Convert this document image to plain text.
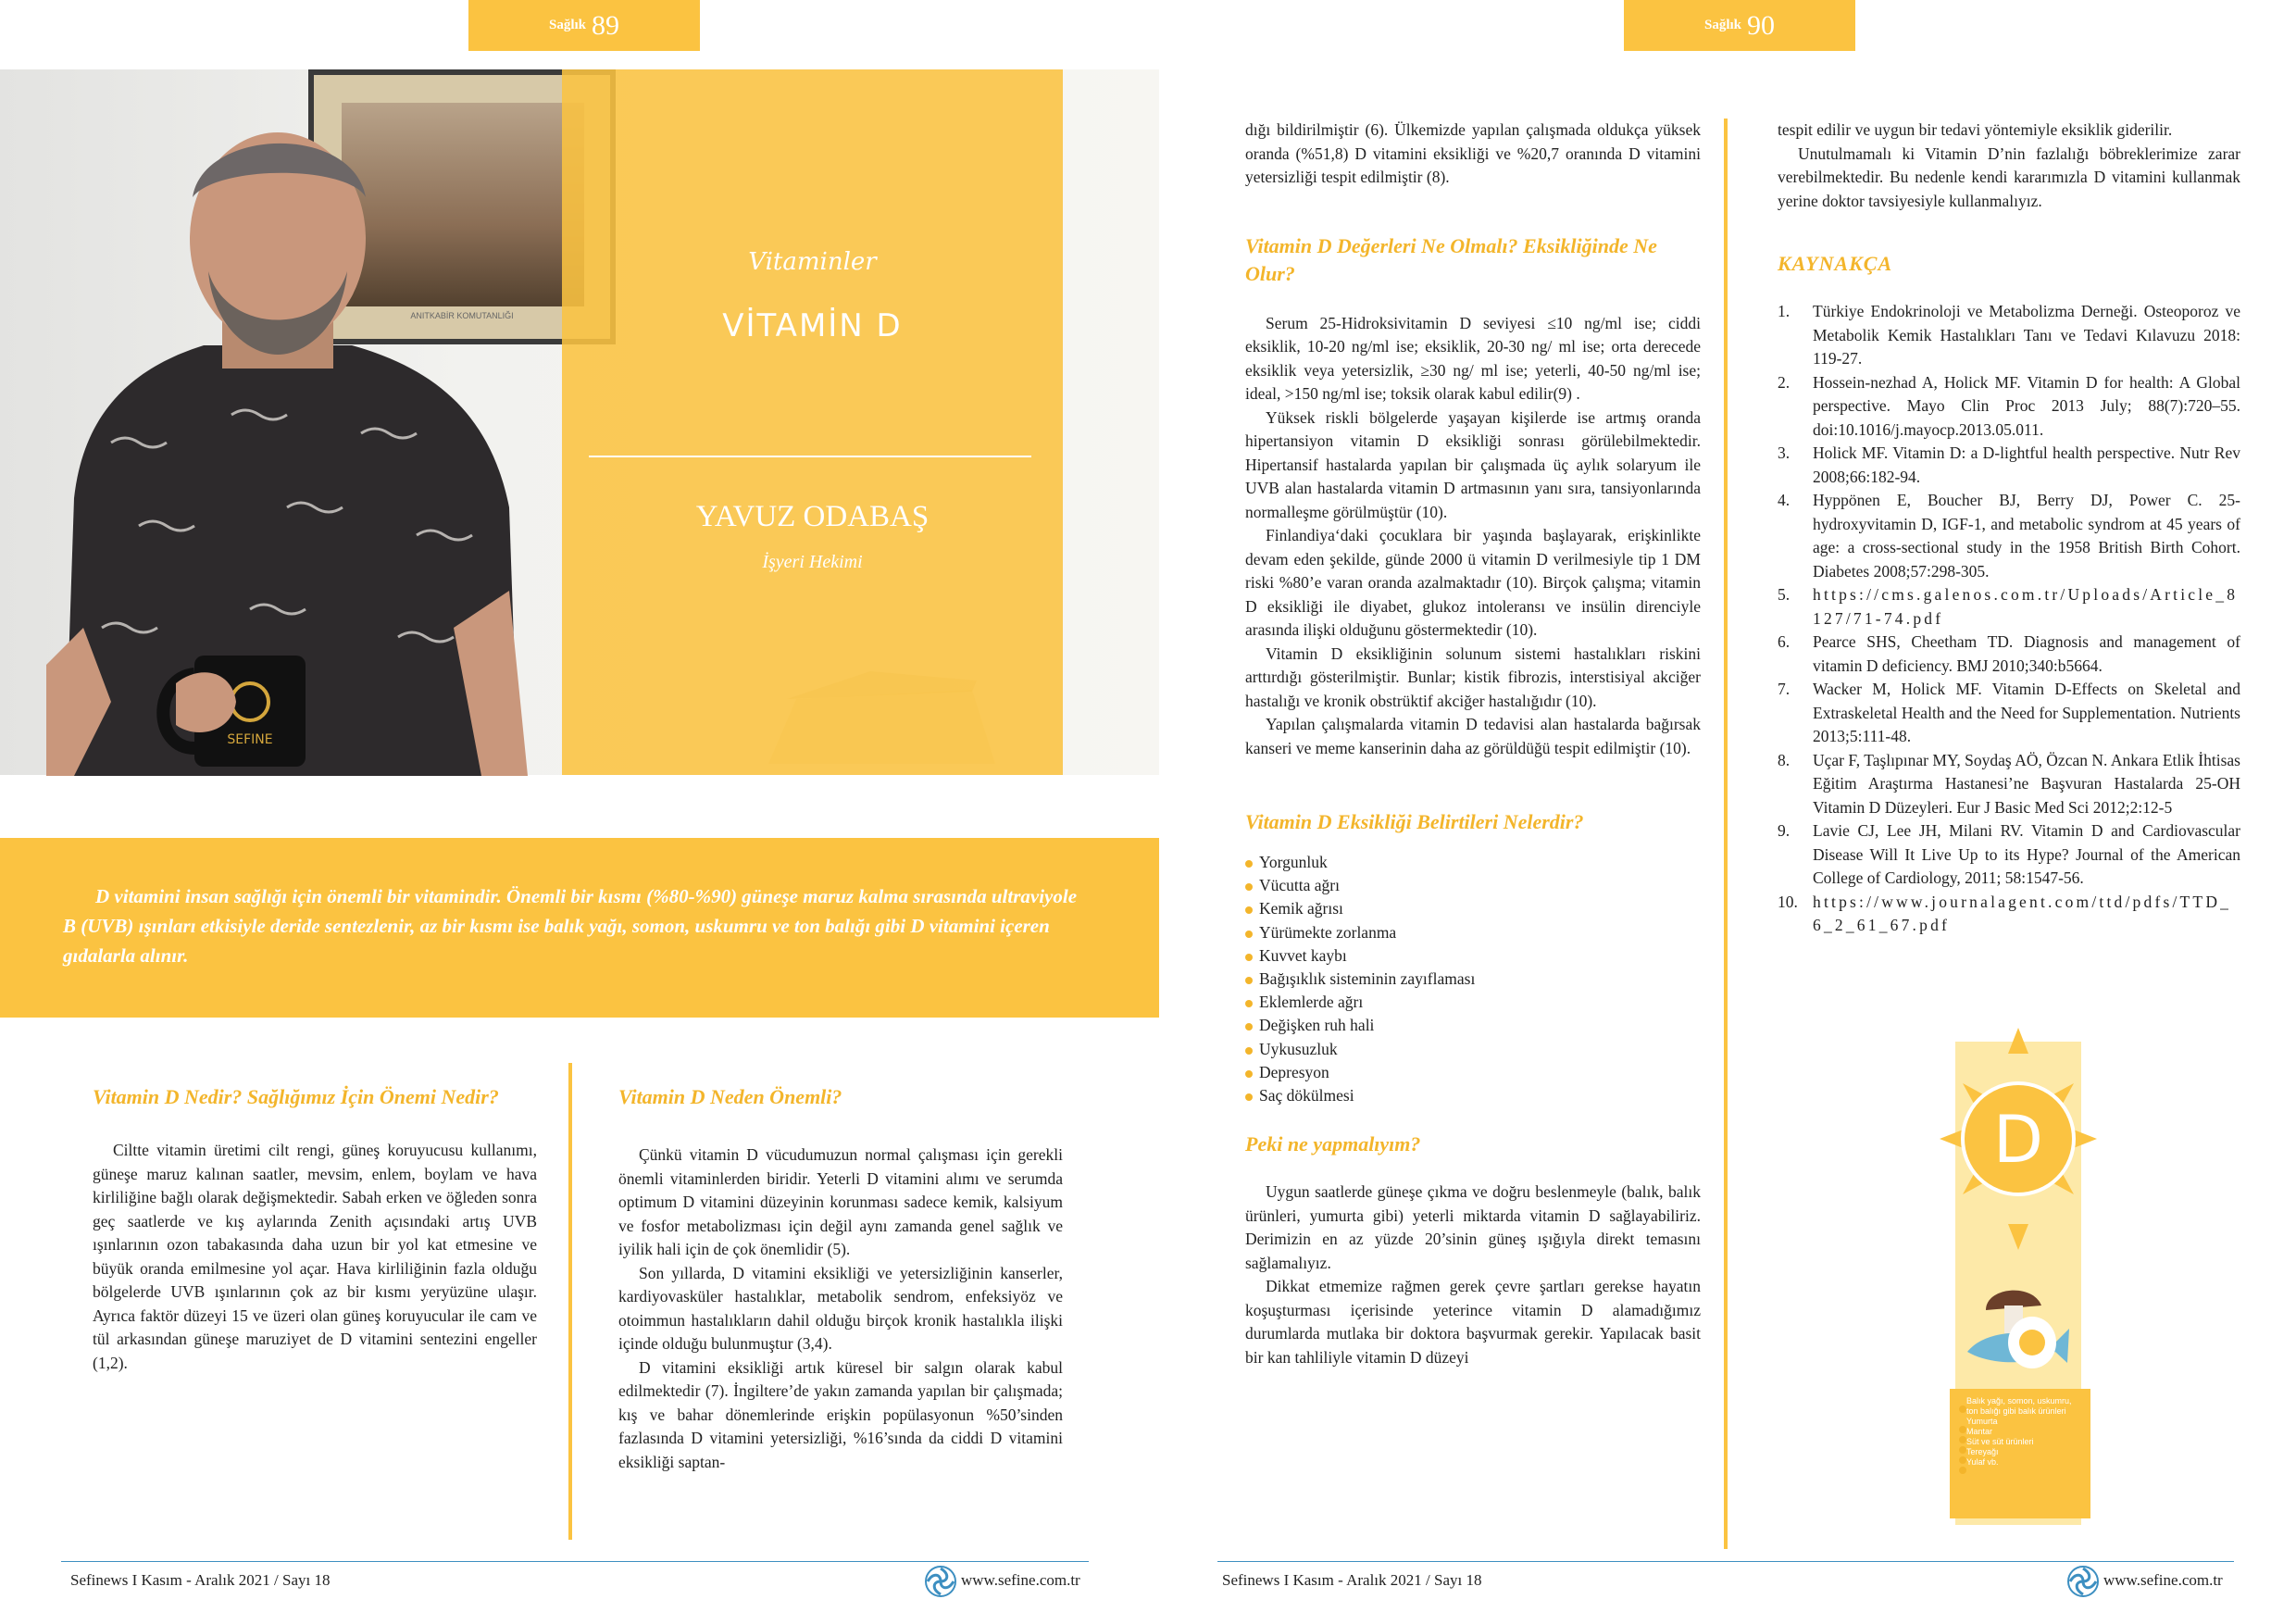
Sağlık 89
ANITKABİR KOMUTANLIĞI
SEFINE
Vitaminler
VİTAMİN D
YAVUZ ODABAŞ
İşyeri Hekimi
D vitamini insan sağlığı için önemli bir vitamindir. Önemli bir kısmı (%80-%90) güneşe maruz kalma sırasında ultraviyole B (UVB) ışınları etkisiyle deride sentezlenir, az bir kısmı ise balık yağı, somon, uskumru ve ton balığı gibi D vitamini içeren gıdalarla alınır.
Vitamin D Nedir? Sağlığımız İçin Önemi Nedir?

Ciltte vitamin üretimi cilt rengi, güneş koruyucusu kullanımı, güneşe maruz kalınan saatler, mevsim, enlem, boylam ve hava kirliliğine bağlı olarak değişmektedir. Sabah erken ve öğleden sonra geç saatlerde ve kış aylarında Zenith açısındaki artış UVB ışınlarının ozon tabakasında daha uzun bir yol kat etmesine ve büyük oranda emilmesine yol açar. Hava kirliliğinin fazla olduğu bölgelerde UVB ışınlarının çok az bir kısmı yeryüzüne ulaşır. Ayrıca faktör düzeyi 15 ve üzeri olan güneş koruyucular ile cam ve tül arkasından güneşe maruziyet de D vitamini sentezini engeller (1,2).

Vitamin D Neden Önemli?

Çünkü vitamin D vücudumuzun normal çalışması için gerekli önemli vitaminlerden biridir. Yeterli D vitamini alımı ve serumda optimum D vitamini düzeyinin korunması sadece kemik, kalsiyum ve fosfor metabolizması için değil aynı zamanda genel sağlık ve iyilik hali için de çok önemlidir (5).

Son yıllarda, D vitamini eksikliği ve yetersizliğinin kanserler, kardiyovasküler hastalıklar, metabolik sendrom, enfeksiyöz ve otoimmun hastalıkların dahil olduğu birçok kronik hastalıkla ilişki içinde olduğu bulunmuştur (3,4).

D vitamini eksikliği artık küresel bir salgın olarak kabul edilmektedir (7). İngiltere’de yakın zamanda yapılan bir çalışmada; kış ve bahar dönemlerinde erişkin popülasyonun %50’sinden fazlasında D vitamini yetersizliği, %16’sında da ciddi D vitamini eksikliği saptan-

Sefinews I Kasım - Aralık 2021 / Sayı 18	www.sefine.com.tr
Sağlık 90

dığı bildirilmiştir (6). Ülkemizde yapılan çalışmada oldukça yüksek oranda (%51,8) D vitamini eksikliği ve %20,7 oranında D vitamini yetersizliği tespit edilmiştir (8).

Vitamin D Değerleri Ne Olmalı? Eksikliğinde Ne Olur?

Serum 25-Hidroksivitamin D seviyesi ≤10 ng/ml ise; ciddi eksiklik, 10-20 ng/ml ise; eksiklik, 20-30 ng/ ml ise; orta derecede eksiklik veya yetersizlik, ≥30 ng/ ml ise; yeterli, 40-50 ng/ml ise; ideal, >150 ng/ml ise; toksik olarak kabul edilir(9) .

Yüksek riskli bölgelerde yaşayan kişilerde ise artmış oranda hipertansiyon vitamin D eksikliği sonrası görülebilmektedir. Hipertansif hastalarda yapılan bir çalışmada üç aylık solaryum ile UVB alan hastalarda vitamin D artmasının yanı sıra, tansiyonlarında normalleşme görülmüştür (10).

Finlandiya‘daki çocuklara bir yaşında başlayarak, erişkinlikte devam eden şekilde, günde 2000 ü vitamin D verilmesiyle tip 1 DM riski %80’e varan oranda azalmaktadır (10). Birçok çalışma; vitamin D eksikliği ile diyabet, glukoz intoleransı ve insülin direnciyle arasında ilişki olduğunu göstermektedir (10).

Vitamin D eksikliğinin solunum sistemi hastalıkları riskini arttırdığı gösterilmiştir. Bunlar; kistik fibrozis, interstisiyal akciğer hastalığı ve kronik obstrüktif akciğer hastalığıdır (10).

Yapılan çalışmalarda vitamin D tedavisi alan hastalarda bağırsak kanseri ve meme kanserinin daha az görüldüğü tespit edilmiştir (10).

Vitamin D Eksikliği Belirtileri Nelerdir?
Yorgunluk
Vücutta ağrı
Kemik ağrısı
Yürümekte zorlanma
Kuvvet kaybı
Bağışıklık sisteminin zayıflaması
Eklemlerde ağrı
Değişken ruh hali
Uykusuzluk
Depresyon
Saç dökülmesi
Peki ne yapmalıyım?

Uygun saatlerde güneşe çıkma ve doğru beslenmeyle (balık, balık ürünleri, yumurta gibi) yeterli miktarda vitamin D sağlayabiliriz. Derimizin en az yüzde 20’sinin güneş ışığıyla direkt temasını sağlamalıyız.

Dikkat etmemize rağmen gerek çevre şartları gerekse hayatın koşuşturması içerisinde yeterince vitamin D alamadığımız durumlarda mutlaka bir doktora başvurmak gerekir. Yapılacak basit bir kan tahliliyle vitamin D düzeyi

tespit edilir ve uygun bir tedavi yöntemiyle eksiklik giderilir.

Unutulmamalı ki Vitamin D’nin fazlalığı böbreklerimize zarar verebilmektedir. Bu nedenle kendi kararımızla D vitamini kullanmak yerine doktor tavsiyesiyle kullanmalıyız.

KAYNAKÇA
1. Türkiye Endokrinoloji ve Metabolizma Derneği. Osteoporoz ve Metabolik Kemik Hastalıkları Tanı ve Tedavi Kılavuzu 2018: 119-27.
2. Hossein-nezhad A, Holick MF. Vitamin D for health: A Global perspective. Mayo Clin Proc 2013 July; 88(7):720–55. doi:10.1016/j.mayocp.2013.05.011.
3. Holick MF. Vitamin D: a D-lightful health perspective. Nutr Rev 2008;66:182-94.
4. Hyppönen E, Boucher BJ, Berry DJ, Power C. 25-hydroxyvitamin D, IGF-1, and metabolic syndrom at 45 years of age: a cross-sectional study in the 1958 British Birth Cohort. Diabetes 2008;57:298-305.
5. https://cms.galenos.com.tr/Uploads/Article_8127/71-74.pdf
6. Pearce SHS, Cheetham TD. Diagnosis and management of vitamin D deficiency. BMJ 2010;340:b5664.
7. Wacker M, Holick MF. Vitamin D-Effects on Skeletal and Extraskeletal Health and the Need for Supplementation. Nutrients 2013;5:111-48.
8. Uçar F, Taşlıpınar MY, Soydaş AÖ, Özcan N. Ankara Etlik İhtisas Eğitim Araştırma Hastanesi’ne Başvuran Hastalarda 25-OH Vitamin D Düzeyleri. Eur J Basic Med Sci 2012;2:12-5
9. Lavie CJ, Lee JH, Milani RV. Vitamin D and Cardiovascular Disease Will It Live Up to its Hype? Journal of the American College of Cardiology, 2011; 58:1547-56.
10. https://www.journalagent.com/ttd/pdfs/TTD_6_2_61_67.pdf
D
Balık yağı, somon, uskumru, ton balığı gibi balık ürünleri
Yumurta
Mantar
Süt ve süt ürünleri
Tereyağı
Yulaf vb.
Sefinews I Kasım - Aralık 2021 / Sayı 18	www.sefine.com.tr
